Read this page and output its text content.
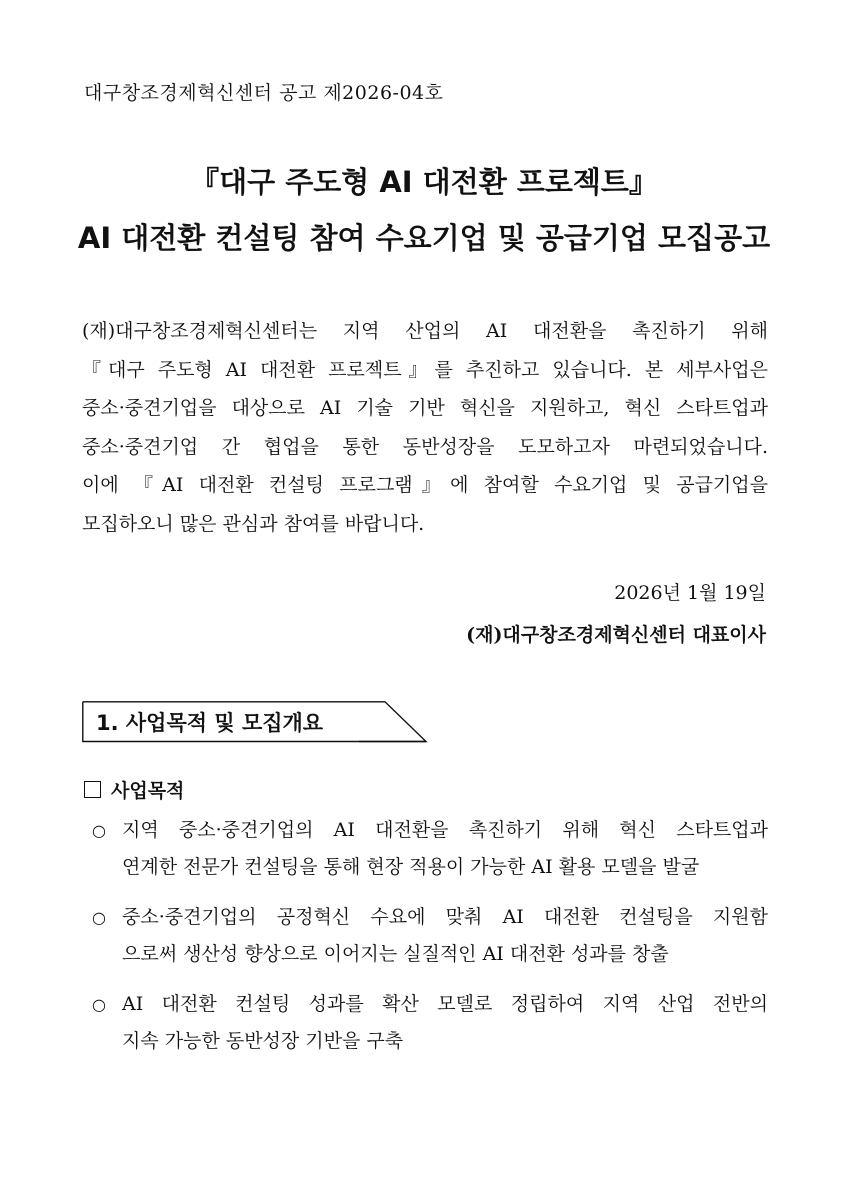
대구창조경제혁신센터 공고 제2026-04호
『대구 주도형 AI 대전환 프로젝트』
AI 대전환 컨설팅 참여 수요기업 및 공급기업 모집공고
(재)대구창조경제혁신센터는 지역 산업의 AI 대전환을 촉진하기 위해
『대구 주도형 AI 대전환 프로젝트』를 추진하고 있습니다. 본 세부사업은
중소·중견기업을 대상으로 AI 기술 기반 혁신을 지원하고, 혁신 스타트업과
중소·중견기업 간 협업을 통한 동반성장을 도모하고자 마련되었습니다.
이에 『AI 대전환 컨설팅 프로그램』에 참여할 수요기업 및 공급기업을
모집하오니 많은 관심과 참여를 바랍니다.
2026년 1월 19일
(재)대구창조경제혁신센터 대표이사
1. 사업목적 및 모집개요
사업목적
○ 지역 중소·중견기업의 AI 대전환을 촉진하기 위해 혁신 스타트업과
연계한 전문가 컨설팅을 통해 현장 적용이 가능한 AI 활용 모델을 발굴
○ 중소·중견기업의 공정혁신 수요에 맞춰 AI 대전환 컨설팅을 지원함
으로써 생산성 향상으로 이어지는 실질적인 AI 대전환 성과를 창출
○ AI 대전환 컨설팅 성과를 확산 모델로 정립하여 지역 산업 전반의
지속 가능한 동반성장 기반을 구축
